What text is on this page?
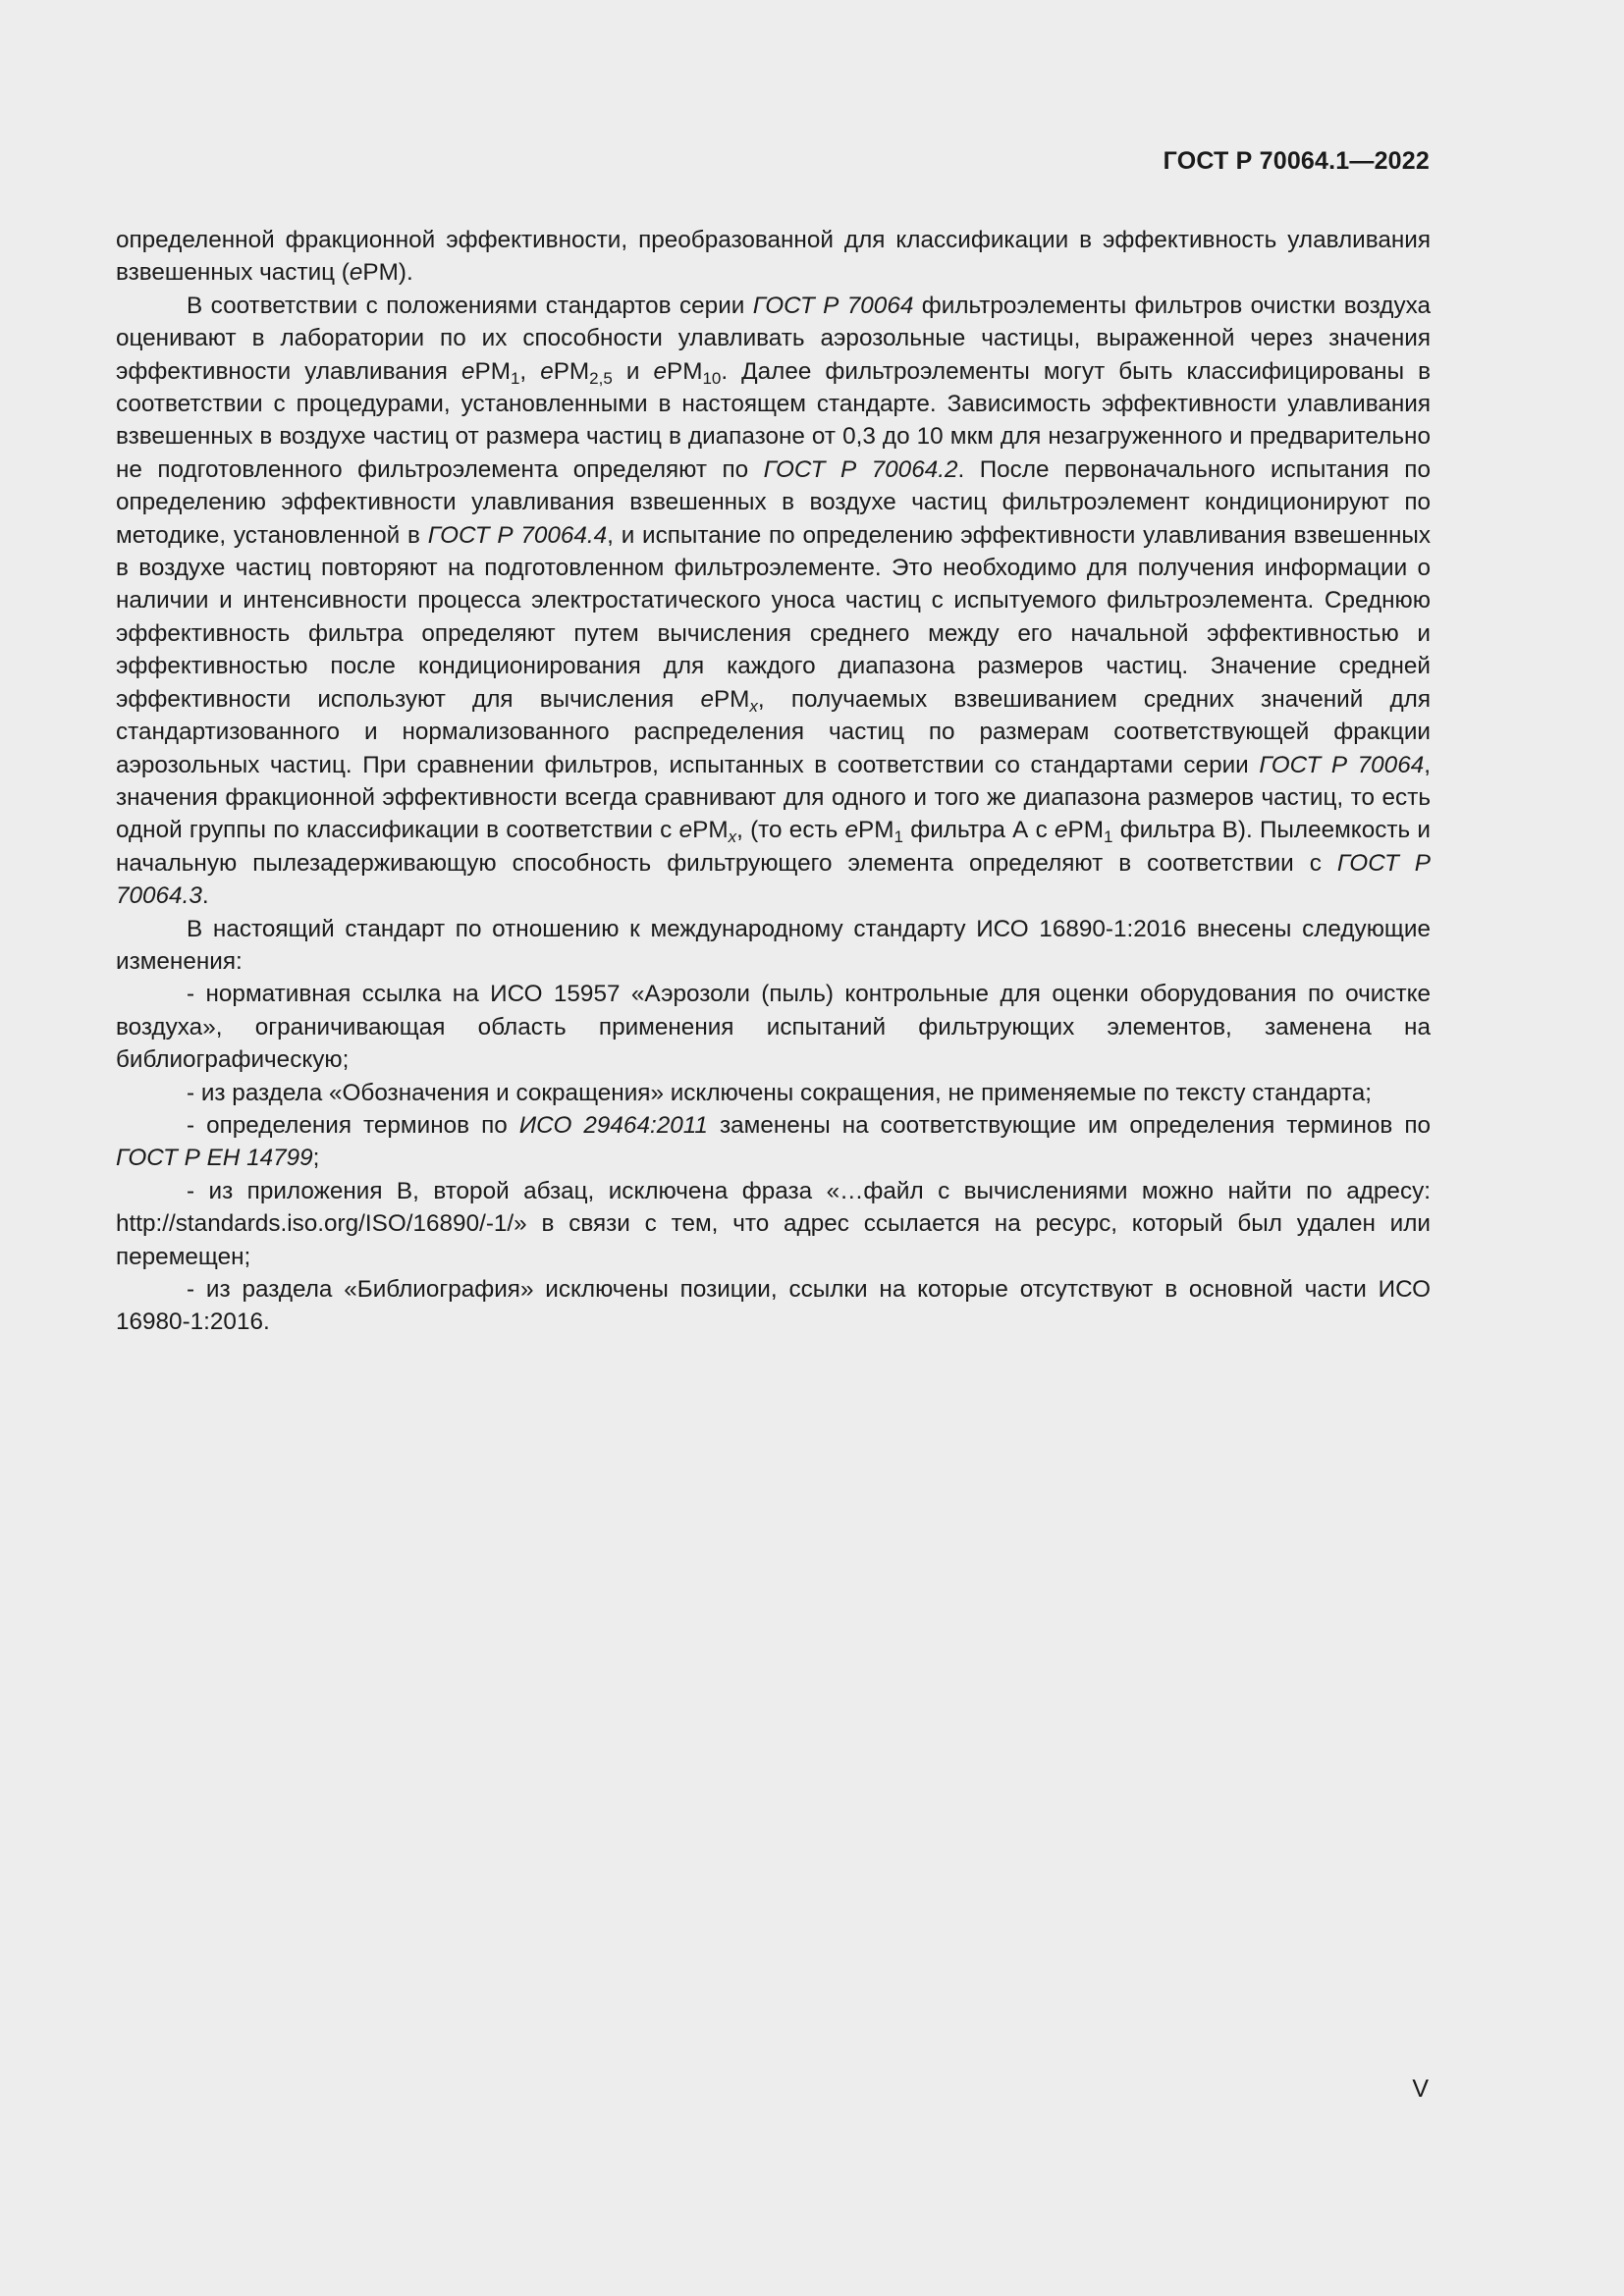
ГОСТ Р 70064.1—2022

определенной фракционной эффективности, преобразованной для классификации в эффективность улавливания взвешенных частиц (ePM).

В соответствии с положениями стандартов серии ГОСТ Р 70064 фильтроэлементы фильтров очистки воздуха оценивают в лаборатории по их способности улавливать аэрозольные частицы, выраженной через значения эффективности улавливания ePM$_1$, ePM$_{2,5}$ и ePM$_{10}$. Далее фильтроэлементы могут быть классифицированы в соответствии с процедурами, установленными в настоящем стандарте. Зависимость эффективности улавливания взвешенных в воздухе частиц от размера частиц в диапазоне от 0,3 до 10 мкм для незагруженного и предварительно не подготовленного фильтроэлемента определяют по ГОСТ Р 70064.2. После первоначального испытания по определению эффективности улавливания взвешенных в воздухе частиц фильтроэлемент кондиционируют по методике, установленной в ГОСТ Р 70064.4, и испытание по определению эффективности улавливания взвешенных в воздухе частиц повторяют на подготовленном фильтроэлементе. Это необходимо для получения информации о наличии и интенсивности процесса электростатического уноса частиц с испытуемого фильтроэлемента. Среднюю эффективность фильтра определяют путем вычисления среднего между его начальной эффективностью и эффективностью после кондиционирования для каждого диапазона размеров частиц. Значение средней эффективности используют для вычисления ePM$_x$, получаемых взвешиванием средних значений для стандартизованного и нормализованного распределения частиц по размерам соответствующей фракции аэрозольных частиц. При сравнении фильтров, испытанных в соответствии со стандартами серии ГОСТ Р 70064, значения фракционной эффективности всегда сравнивают для одного и того же диапазона размеров частиц, то есть одной группы по классификации в соответствии с ePM$_x$, (то есть ePM$_1$ фильтра А с ePM$_1$ фильтра В). Пылеемкость и начальную пылезадерживающую способность фильтрующего элемента определяют в соответствии с ГОСТ Р 70064.3.

В настоящий стандарт по отношению к международному стандарту ИСО 16890-1:2016 внесены следующие изменения:

- нормативная ссылка на ИСО 15957 «Аэрозоли (пыль) контрольные для оценки оборудования по очистке воздуха», ограничивающая область применения испытаний фильтрующих элементов, заменена на библиографическую;

- из раздела «Обозначения и сокращения» исключены сокращения, не применяемые по тексту стандарта;

- определения терминов по ИСО 29464:2011 заменены на соответствующие им определения терминов по ГОСТ Р ЕН 14799;

- из приложения В, второй абзац, исключена фраза «…файл с вычислениями можно найти по адресу: http://standards.iso.org/ISO/16890/-1/» в связи с тем, что адрес ссылается на ресурс, который был удален или перемещен;

- из раздела «Библиография» исключены позиции, ссылки на которые отсутствуют в основной части ИСО 16980-1:2016.

V
